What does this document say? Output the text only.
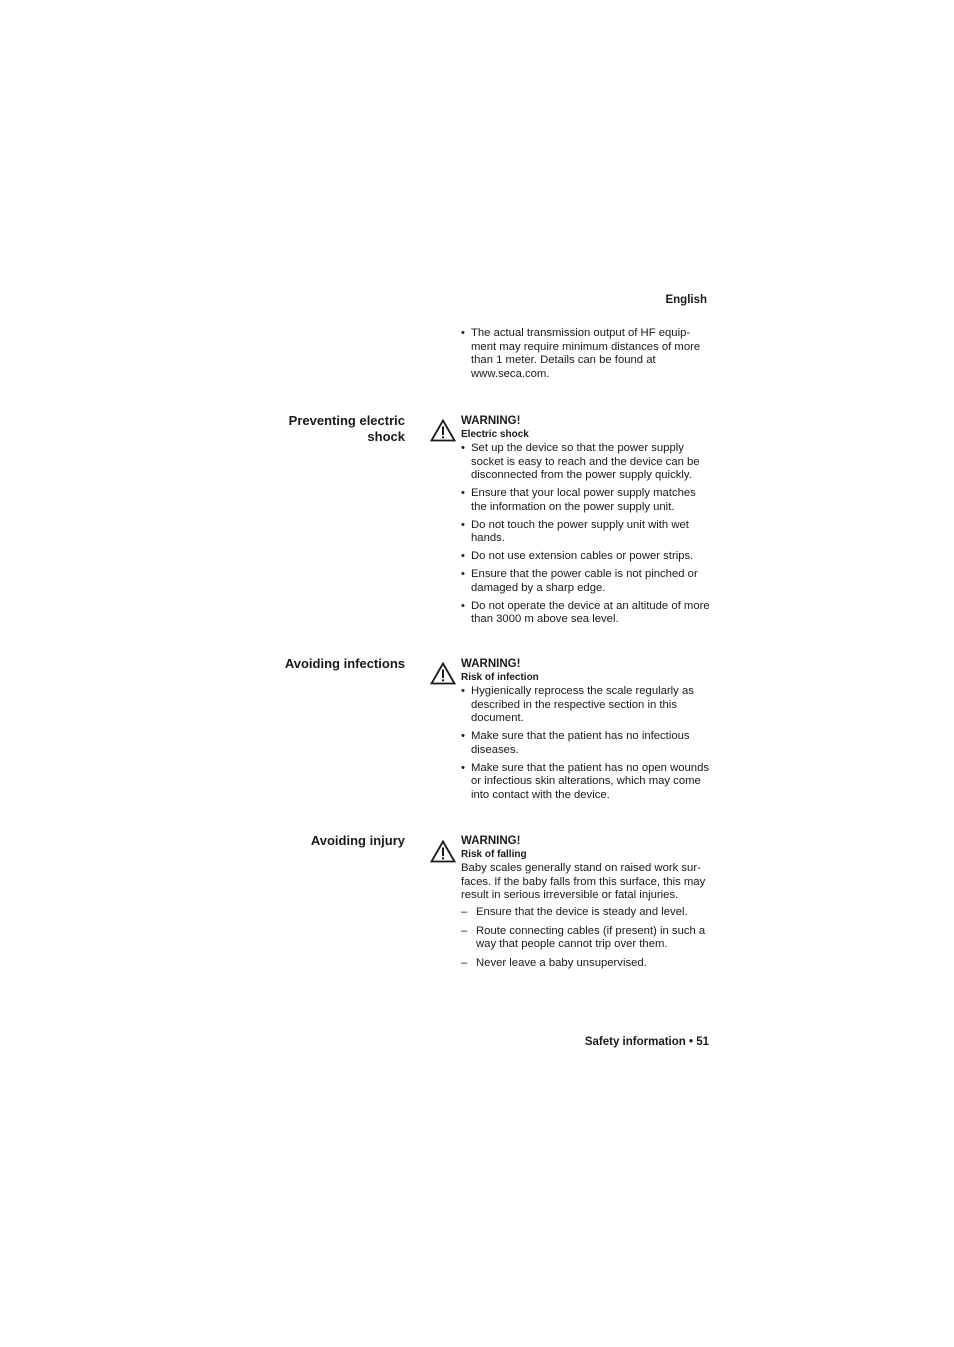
English
• The actual transmission output of HF equip-ment may require minimum distances of more than 1 meter. Details can be found at www.seca.com.
Preventing electric shock
WARNING!
Electric shock
• Set up the device so that the power supply socket is easy to reach and the device can be disconnected from the power supply quickly.
• Ensure that your local power supply matches the information on the power supply unit.
• Do not touch the power supply unit with wet hands.
• Do not use extension cables or power strips.
• Ensure that the power cable is not pinched or damaged by a sharp edge.
• Do not operate the device at an altitude of more than 3000 m above sea level.
Avoiding infections	WARNING!
Risk of infection
• Hygienically reprocess the scale regularly as described in the respective section in this document.
• Make sure that the patient has no infectious diseases.
• Make sure that the patient has no open wounds or infectious skin alterations, which may come into contact with the device.
Avoiding injury	WARNING!
Risk of falling

Baby scales generally stand on raised work sur-faces. If the baby falls from this surface, this may result in serious irreversible or fatal injuries.

– Ensure that the device is steady and level.
– Route connecting cables (if present) in such a way that people cannot trip over them.
– Never leave a baby unsupervised.
Safety information • 51
